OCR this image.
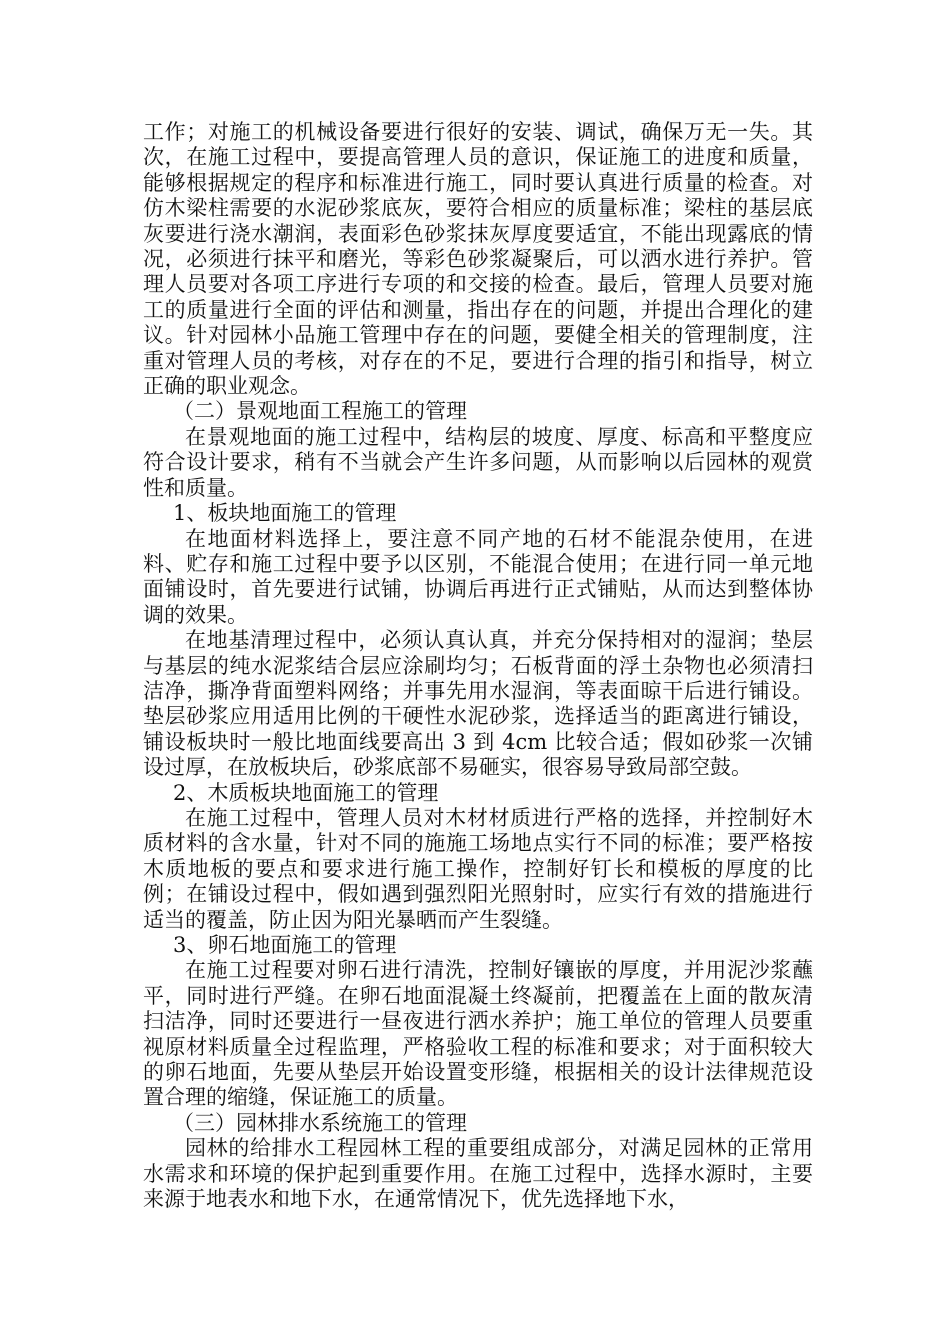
工作；对施工的机械设备要进行很好的安装、调试，确保万无一失。其次，在施工过程中，要提高管理人员的意识，保证施工的进度和质量，能够根据规定的程序和标准进行施工，同时要认真进行质量的检查。对仿木梁柱需要的水泥砂浆底灰，要符合相应的质量标准；梁柱的基层底灰要进行浇水潮润，表面彩色砂浆抹灰厚度要适宜，不能出现露底的情况，必须进行抹平和磨光，等彩色砂浆凝聚后，可以洒水进行养护。管理人员要对各项工序进行专项的和交接的检查。最后，管理人员要对施工的质量进行全面的评估和测量，指出存在的问题，并提出合理化的建议。针对园林小品施工管理中存在的问题，要健全相关的管理制度，注重对管理人员的考核，对存在的不足，要进行合理的指引和指导，树立正确的职业观念。

（二）景观地面工程施工的管理

在景观地面的施工过程中，结构层的坡度、厚度、标高和平整度应符合设计要求，稍有不当就会产生许多问题，从而影响以后园林的观赏性和质量。

1、板块地面施工的管理

在地面材料选择上，要注意不同产地的石材不能混杂使用，在进料、贮存和施工过程中要予以区别，不能混合使用；在进行同一单元地面铺设时，首先要进行试铺，协调后再进行正式铺贴，从而达到整体协调的效果。

在地基清理过程中，必须认真认真，并充分保持相对的湿润；垫层与基层的纯水泥浆结合层应涂刷均匀；石板背面的浮土杂物也必须清扫洁净，撕净背面塑料网络；并事先用水湿润，等表面晾干后进行铺设。垫层砂浆应用适用比例的干硬性水泥砂浆，选择适当的距离进行铺设，铺设板块时一般比地面线要高出 3 到 4cm 比较合适；假如砂浆一次铺设过厚，在放板块后，砂浆底部不易砸实，很容易导致局部空鼓。

2、木质板块地面施工的管理

在施工过程中，管理人员对木材材质进行严格的选择，并控制好木质材料的含水量，针对不同的施施工场地点实行不同的标准；要严格按木质地板的要点和要求进行施工操作，控制好钉长和模板的厚度的比例；在铺设过程中，假如遇到强烈阳光照射时，应实行有效的措施进行适当的覆盖，防止因为阳光暴晒而产生裂缝。

3、卵石地面施工的管理

在施工过程要对卵石进行清洗，控制好镶嵌的厚度，并用泥沙浆蘸平，同时进行严缝。在卵石地面混凝土终凝前，把覆盖在上面的散灰清扫洁净，同时还要进行一昼夜进行洒水养护；施工单位的管理人员要重视原材料质量全过程监理，严格验收工程的标准和要求；对于面积较大的卵石地面，先要从垫层开始设置变形缝，根据相关的设计法律规范设置合理的缩缝，保证施工的质量。

（三）园林排水系统施工的管理

园林的给排水工程园林工程的重要组成部分，对满足园林的正常用水需求和环境的保护起到重要作用。在施工过程中，选择水源时，主要来源于地表水和地下水，在通常情况下，优先选择地下水，
